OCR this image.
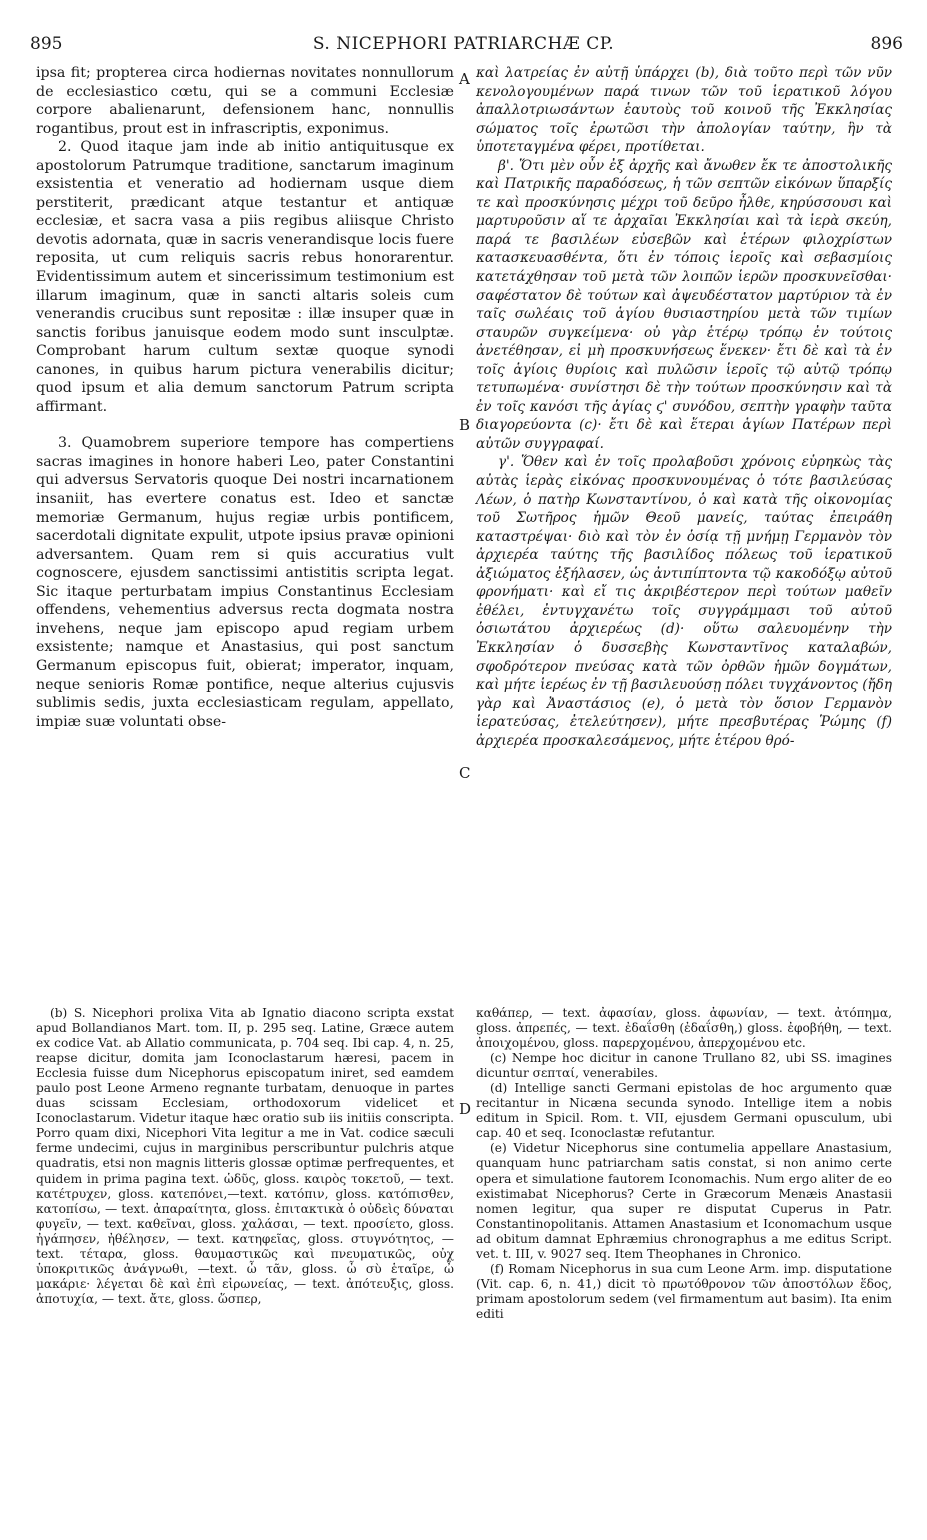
895	S. NICEPHORI PATRIARCHÆ CP.	896
A
B
C
D

ipsa fit; propterea circa hodiernas novitates nonnullorum de ecclesiastico cœtu, qui se a communi Ecclesiæ corpore abalienarunt, defensionem hanc, nonnullis rogantibus, prout est in infrascriptis, exponimus.

2. Quod itaque jam inde ab initio antiquitusque ex apostolorum Patrumque traditione, sanctarum imaginum exsistentia et veneratio ad hodiernam usque diem perstiterit, prædicant atque testantur et antiquæ ecclesiæ, et sacra vasa a piis regibus aliisque Christo devotis adornata, quæ in sacris venerandisque locis fuere reposita, ut cum reliquis sacris rebus honorarentur. Evidentissimum autem et sincerissimum testimonium est illarum imaginum, quæ in sancti altaris soleis cum venerandis crucibus sunt repositæ : illæ insuper quæ in sanctis foribus januisque eodem modo sunt insculptæ. Comprobant harum cultum sextæ quoque synodi canones, in quibus harum pictura venerabilis dicitur; quod ipsum et alia demum sanctorum Patrum scripta affirmant.

3. Quamobrem superiore tempore has compertiens sacras imagines in honore haberi Leo, pater Constantini qui adversus Servatoris quoque Dei nostri incarnationem insaniit, has evertere conatus est. Ideo et sanctæ memoriæ Germanum, hujus regiæ urbis pontificem, sacerdotali dignitate expulit, utpote ipsius pravæ opinioni adversantem. Quam rem si quis accuratius vult cognoscere, ejusdem sanctissimi antistitis scripta legat. Sic itaque perturbatam impius Constantinus Ecclesiam offendens, vehementius adversus recta dogmata nostra invehens, neque jam episcopo apud regiam urbem exsistente; namque et Anastasius, qui post sanctum Germanum episcopus fuit, obierat; imperator, inquam, neque senioris Romæ pontifice, neque alterius cujusvis sublimis sedis, juxta ecclesiasticam regulam, appellato, impiæ suæ voluntati obse-

καὶ λατρείας ἐν αὐτῇ ὑπάρχει (b), διὰ τοῦτο περὶ τῶν νῦν κενολογουμένων παρά τινων τῶν τοῦ ἱερατικοῦ λόγου ἀπαλλοτριωσάντων ἑαυτοὺς τοῦ κοινοῦ τῆς Ἐκκλησίας σώματος τοῖς ἐρωτῶσι τὴν ἀπολογίαν ταύτην, ἣν τὰ ὑποτεταγμένα φέρει, προτίθεται.

β'. Ὅτι μὲν οὖν ἐξ ἀρχῆς καὶ ἄνωθεν ἔκ τε ἀποστολικῆς καὶ Πατρικῆς παραδόσεως, ἡ τῶν σεπτῶν εἰκόνων ὕπαρξίς τε καὶ προσκύνησις μέχρι τοῦ δεῦρο ἦλθε, κηρύσσουσι καὶ μαρτυροῦσιν αἵ τε ἀρχαῖαι Ἐκκλησίαι καὶ τὰ ἱερὰ σκεύη, παρά τε βασιλέων εὐσεβῶν καὶ ἑτέρων φιλοχρίστων κατασκευασθέντα, ὅτι ἐν τόποις ἱεροῖς καὶ σεβασμίοις κατετάχθησαν τοῦ μετὰ τῶν λοιπῶν ἱερῶν προσκυνεῖσθαι· σαφέστατον δὲ τούτων καὶ ἀψευδέστατον μαρτύριον τὰ ἐν ταῖς σωλέαις τοῦ ἁγίου θυσιαστηρίου μετὰ τῶν τιμίων σταυρῶν συγκείμενα· οὐ γὰρ ἑτέρῳ τρόπῳ ἐν τούτοις ἀνετέθησαν, εἰ μὴ προσκυνήσεως ἕνεκεν· ἔτι δὲ καὶ τὰ ἐν τοῖς ἁγίοις θυρίοις καὶ πυλῶσιν ἱεροῖς τῷ αὐτῷ τρόπῳ τετυπωμένα· συνίστησι δὲ τὴν τούτων προσκύνησιν καὶ τὰ ἐν τοῖς κανόσι τῆς ἁγίας ϛ' συνόδου, σεπτὴν γραφὴν ταῦτα διαγορεύοντα (c)· ἔτι δὲ καὶ ἕτεραι ἁγίων Πατέρων περὶ αὐτῶν συγγραφαί.

γ'. Ὅθεν καὶ ἐν τοῖς προλαβοῦσι χρόνοις εὑρηκὼς τὰς αὐτὰς ἱερὰς εἰκόνας προσκυνουμένας ὁ τότε βασιλεύσας Λέων, ὁ πατὴρ Κωνσταντίνου, ὁ καὶ κατὰ τῆς οἰκονομίας τοῦ Σωτῆρος ἡμῶν Θεοῦ μανείς, ταύτας ἐπειράθη καταστρέψαι· διὸ καὶ τὸν ἐν ὁσίᾳ τῇ μνήμῃ Γερμανὸν τὸν ἀρχιερέα ταύτης τῆς βασιλίδος πόλεως τοῦ ἱερατικοῦ ἀξιώματος ἐξήλασεν, ὡς ἀντιπίπτοντα τῷ κακοδόξῳ αὐτοῦ φρονήματι· καὶ εἴ τις ἀκριβέστερον περὶ τούτων μαθεῖν ἐθέλει, ἐντυγχανέτω τοῖς συγγράμμασι τοῦ αὐτοῦ ὁσιωτάτου ἀρχιερέως (d)· οὕτω σαλευομένην τὴν Ἐκκλησίαν ὁ δυσσεβὴς Κωνσταντῖνος καταλαβών, σφοδρότερον πνεύσας κατὰ τῶν ὀρθῶν ἡμῶν δογμάτων, καὶ μήτε ἱερέως ἐν τῇ βασιλευούσῃ πόλει τυγχάνοντος (ἤδη γὰρ καὶ Ἀναστάσιος (e), ὁ μετὰ τὸν ὅσιον Γερμανὸν ἱερατεύσας, ἐτελεύτησεν), μήτε πρεσβυτέρας Ῥώμης (f) ἀρχιερέα προσκαλεσάμενος, μήτε ἑτέρου θρό-

(b) S. Nicephori prolixa Vita ab Ignatio diacono scripta exstat apud Bollandianos Mart. tom. II, p. 295 seq. Latine, Græce autem ex codice Vat. ab Allatio communicata, p. 704 seq. Ibi cap. 4, n. 25, reapse dicitur, domita jam Iconoclastarum hæresi, pacem in Ecclesia fuisse dum Nicephorus episcopatum iniret, sed eamdem paulo post Leone Armeno regnante turbatam, denuoque in partes duas scissam Ecclesiam, orthodoxorum videlicet et Iconoclastarum. Videtur itaque hæc oratio sub iis initiis conscripta. Porro quam dixi, Nicephori Vita legitur a me in Vat. codice sæculi ferme undecimi, cujus in marginibus perscribuntur pulchris atque quadratis, etsi non magnis litteris glossæ optimæ perfrequentes, et quidem in prima pagina text. ὡδῦς, gloss. καιρὸς τοκετοῦ, — text. κατέτρυχεν, gloss. κατεπόνει,—text. κατόπιν, gloss. κατόπισθεν, κατοπίσω, — text. ἀπαραίτητα, gloss. ἐπιτακτικὰ ὁ οὐδεὶς δύναται φυγεῖν, — text. καθεῖναι, gloss. χαλάσαι, — text. προσίετο, gloss. ἠγάπησεν, ἠθέλησεν, — text. κατηφεῖας, gloss. στυγνότητος, — text. τέταρα, gloss. θαυμαστικῶς καὶ πνευματικῶς, οὐχ ὑποκριτικῶς ἀνάγνωθι, —text. ὦ τᾶν, gloss. ὦ σὺ ἑταῖρε, ὦ μακάριε· λέγεται δὲ καὶ ἐπὶ εἰρωνείας, — text. ἀπότευξις, gloss. ἀποτυχία, — text. ἄτε, gloss. ὥσπερ,

καθάπερ, — text. ἀφασίαν, gloss. ἀφωνίαν, — text. ἀτόπημα, gloss. ἀπρεπές, — text. ἐδαΐσθη (ἐδαΐσθη,) gloss. ἐφοβήθη, — text. ἀποιχομένου, gloss. παρερχομένου, ἀπερχομένου etc.

(c) Nempe hoc dicitur in canone Trullano 82, ubi SS. imagines dicuntur σεπταί, venerabiles.

(d) Intellige sancti Germani epistolas de hoc argumento quæ recitantur in Nicæna secunda synodo. Intellige item a nobis editum in Spicil. Rom. t. VII, ejusdem Germani opusculum, ubi cap. 40 et seq. Iconoclastæ refutantur.

(e) Videtur Nicephorus sine contumelia appellare Anastasium, quanquam hunc patriarcham satis constat, si non animo certe opera et simulatione fautorem Iconomachis. Num ergo aliter de eo existimabat Nicephorus? Certe in Græcorum Menæis Anastasii nomen legitur, qua super re disputat Cuperus in Patr. Constantinopolitanis. Attamen Anastasium et Iconomachum usque ad obitum damnat Ephræmius chronographus a me editus Script. vet. t. III, v. 9027 seq. Item Theophanes in Chronico.

(f) Romam Nicephorus in sua cum Leone Arm. imp. disputatione (Vit. cap. 6, n. 41,) dicit τὸ πρωτόθρονον τῶν ἀποστόλων ἕδος, primam apostolorum sedem (vel firmamentum aut basim). Ita enim editi
